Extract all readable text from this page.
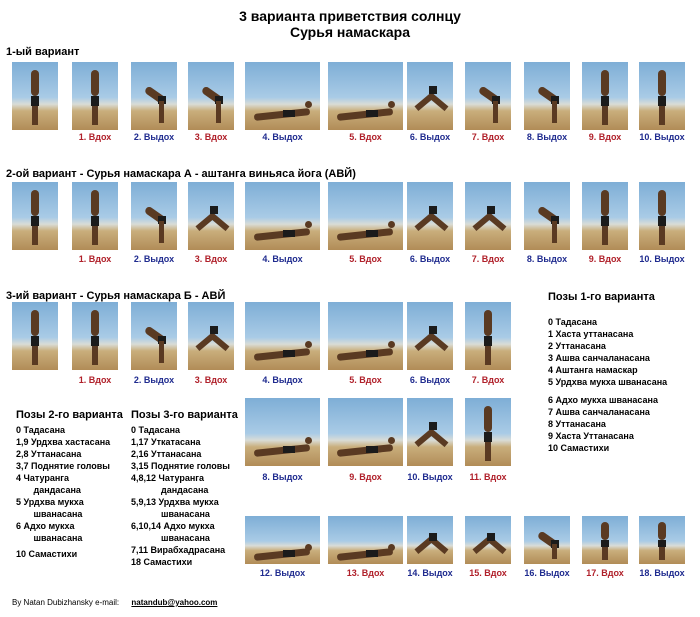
3 варианта приветствия солнцу
Сурья намаскара
1-ый вариант
2-ой вариант - Сурья намаскара А - аштанга виньяса йога (АВЙ)
3-ий вариант - Сурья намаскара Б - АВЙ
1. Вдох	2. Выдох	3. Вдох	4. Выдох	5. Вдох	6. Выдох	7. Вдох	8. Выдох	9. Вдох	10. Выдох
1. Вдох	2. Выдох	3. Вдох	4. Выдох	5. Вдох	6. Выдох	7. Вдох	8. Выдох	9. Вдох	10. Выдох
1. Вдох	2. Выдох	3. Вдох	4. Выдох	5. Вдох	6. Выдох	7. Вдох
8. Выдох	9. Вдох	10. Выдох	11. Вдох
12. Выдох	13. Вдох	14. Выдох	15. Вдох	16. Выдох	17. Вдох	18. Выдох
Позы 1-го варианта
0 Тадасана
1 Хаста уттанасана
2 Уттанасана
3 Ашва санчаланасана
4 Аштанга намаскар
5 Урдхва мукха шванасана
6 Адхо мукха шванасана
7 Ашва санчаланасана
8 Уттанасана
9 Хаста Уттанасана
10 Самастихи
Позы 2-го варианта
0 Тадасана
1,9 Урдхва хастасана
2,8 Уттанасана
3,7 Поднятие головы
4 Чатуранга
дандасана
5 Урдхва мукха
шванасана
6 Адхо мукха
шванасана
10 Самастихи
Позы 3-го варианта
0 Тадасана
1,17 Уткатасана
2,16 Уттанасана
3,15 Поднятие головы
4,8,12 Чатуранга
дандасана
5,9,13 Урдхва мукха
шванасана
6,10,14 Адхо мукха
шванасана
7,11 Вирабхадрасана
18 Самастихи
By Natan Dubizhansky e-mail: natandub@yahoo.com
